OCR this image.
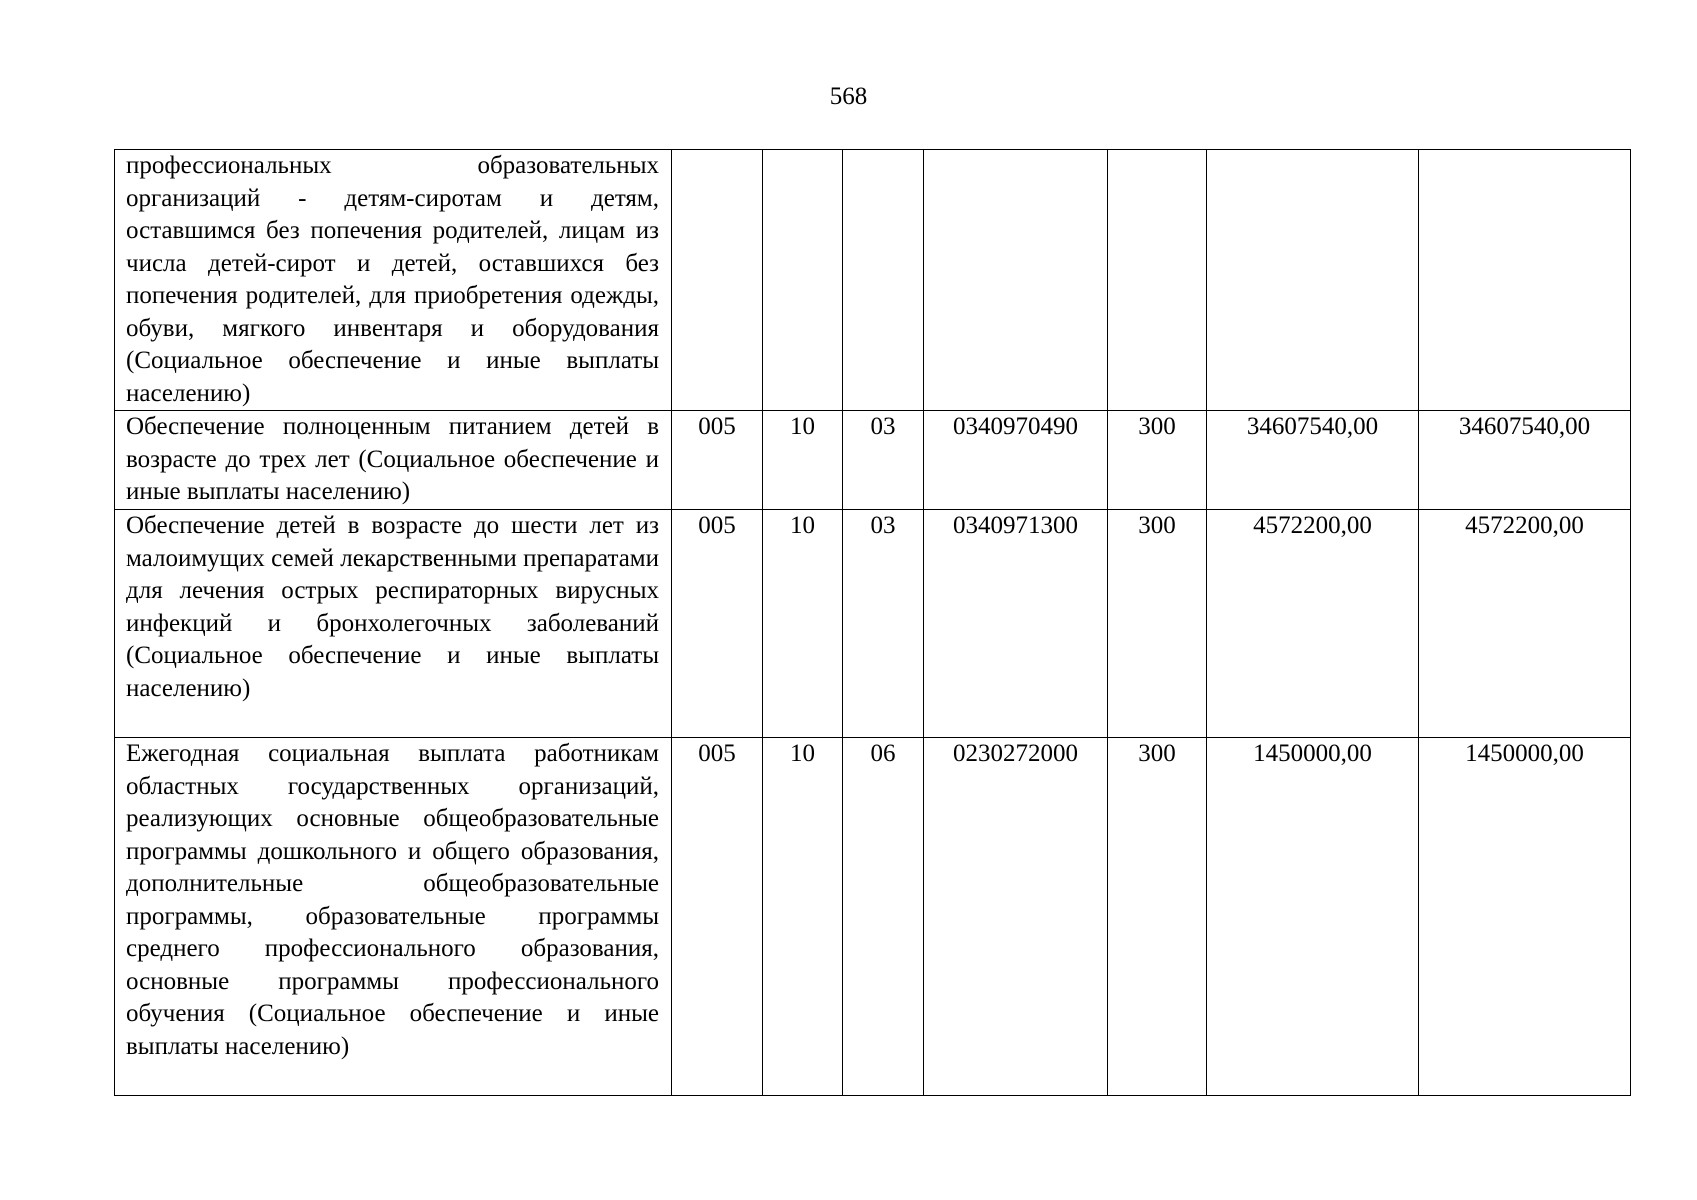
568
профессиональных образовательных организаций - детям-сиротам и детям, оставшимся без попечения родителей, лицам из числа детей-сирот и детей, оставшихся без попечения родителей, для приобретения одежды, обуви, мягкого инвентаря и оборудования (Социальное обеспечение и иные выплаты населению)							
Обеспечение полноценным питанием детей в возрасте до трех лет (Социальное обеспечение и иные выплаты населению)	005	10	03	0340970490	300	34607540,00	34607540,00
Обеспечение детей в возрасте до шести лет из малоимущих семей лекарственными препаратами для лечения острых респираторных вирусных инфекций и бронхолегочных заболеваний (Социальное обеспечение и иные выплаты населению)	005	10	03	0340971300	300	4572200,00	4572200,00
Ежегодная социальная выплата работникам областных государственных организаций, реализующих основные общеобразовательные программы дошкольного и общего образования, дополнительные общеобразовательные программы, образовательные программы среднего профессионального образования, основные программы профессионального обучения (Социальное обеспечение и иные выплаты населению)	005	10	06	0230272000	300	1450000,00	1450000,00
